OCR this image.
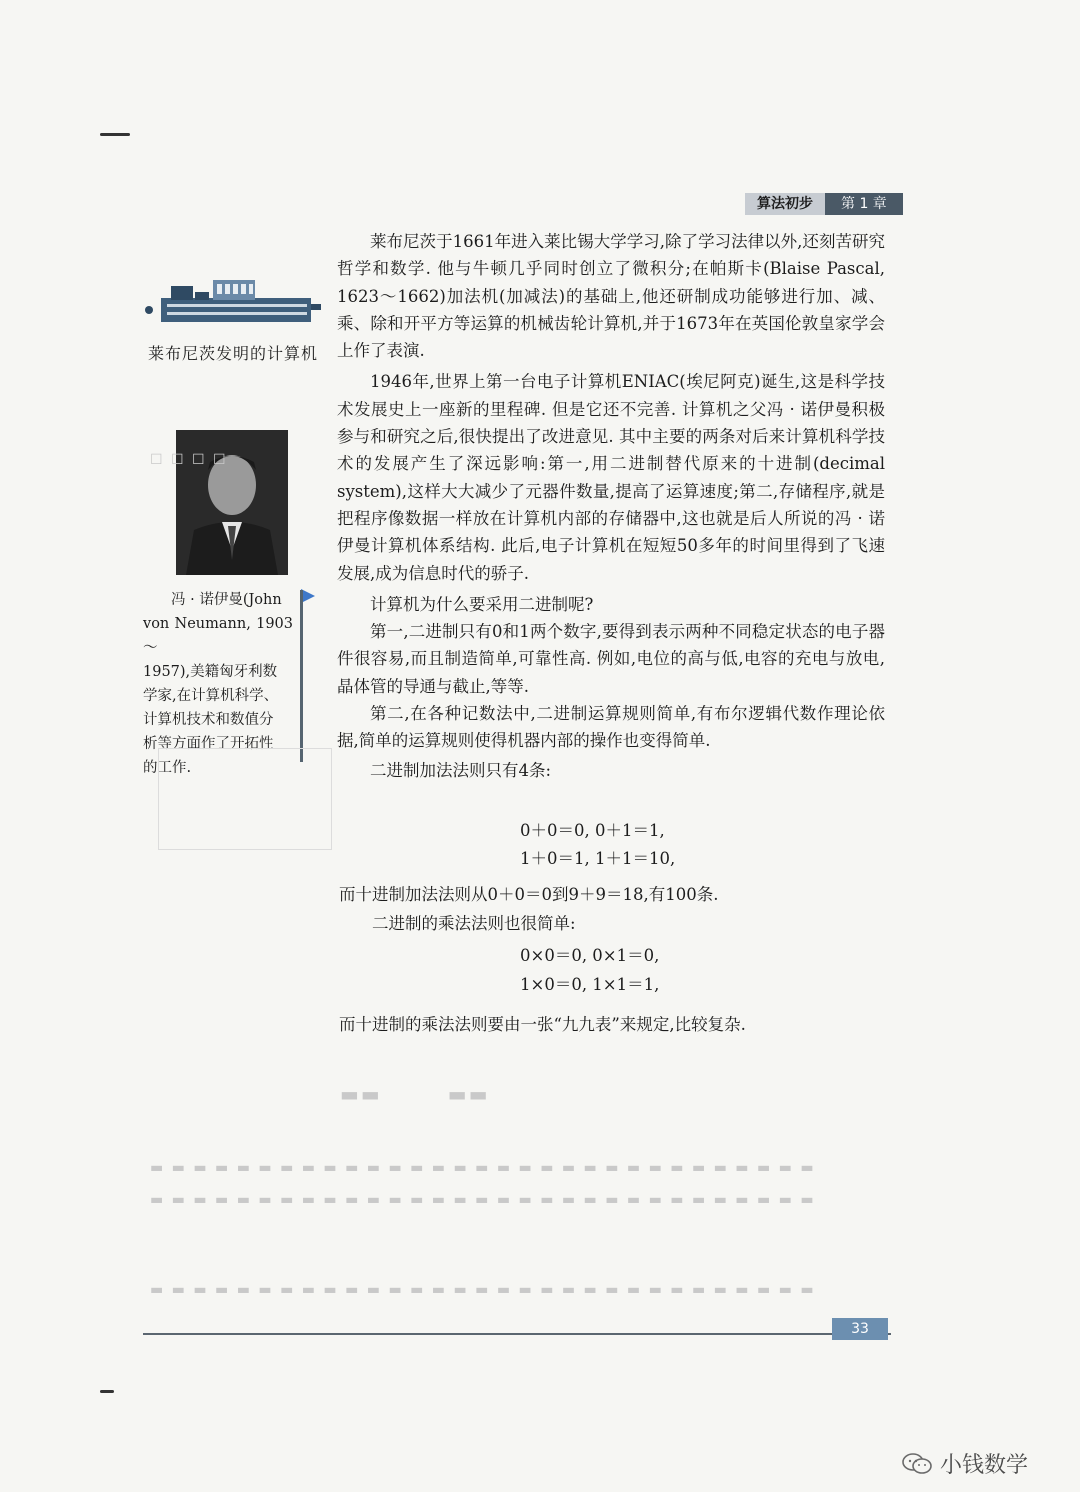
算法初步	第 1 章
莱布尼茨发明的计算机
冯 · 诺伊曼(John
von Neumann, 1903～
1957),美籍匈牙利数
学家,在计算机科学、
计算机技术和数值分
析等方面作了开拓性
的工作.
☐ ☐ ☐ ☐
▬▬　　　▬▬
▬ ▬ ▬ ▬ ▬ ▬ ▬ ▬ ▬ ▬ ▬ ▬ ▬ ▬ ▬ ▬ ▬ ▬ ▬ ▬ ▬ ▬ ▬ ▬ ▬ ▬ ▬ ▬ ▬ ▬ ▬
▬ ▬ ▬ ▬ ▬ ▬ ▬ ▬ ▬ ▬ ▬ ▬ ▬ ▬ ▬ ▬ ▬ ▬ ▬ ▬ ▬ ▬ ▬ ▬ ▬ ▬ ▬ ▬ ▬ ▬ ▬
▬ ▬ ▬ ▬ ▬ ▬ ▬ ▬ ▬ ▬ ▬ ▬ ▬ ▬ ▬ ▬ ▬ ▬ ▬ ▬ ▬ ▬ ▬ ▬ ▬ ▬ ▬ ▬ ▬ ▬ ▬

莱布尼茨于1661年进入莱比锡大学学习,除了学习法律以外,还刻苦研究哲学和数学. 他与牛顿几乎同时创立了微积分;在帕斯卡(Blaise Pascal, 1623～1662)加法机(加减法)的基础上,他还研制成功能够进行加、减、乘、除和开平方等运算的机械齿轮计算机,并于1673年在英国伦敦皇家学会上作了表演.

1946年,世界上第一台电子计算机ENIAC(埃尼阿克)诞生,这是科学技术发展史上一座新的里程碑. 但是它还不完善. 计算机之父冯 · 诺伊曼积极参与和研究之后,很快提出了改进意见. 其中主要的两条对后来计算机科学技术的发展产生了深远影响:第一,用二进制替代原来的十进制(decimal system),这样大大减少了元器件数量,提高了运算速度;第二,存储程序,就是把程序像数据一样放在计算机内部的存储器中,这也就是后人所说的冯 · 诺伊曼计算机体系结构. 此后,电子计算机在短短50多年的时间里得到了飞速发展,成为信息时代的骄子.

计算机为什么要采用二进制呢?

第一,二进制只有0和1两个数字,要得到表示两种不同稳定状态的电子器件很容易,而且制造简单,可靠性高. 例如,电位的高与低,电容的充电与放电,晶体管的导通与截止,等等.

第二,在各种记数法中,二进制运算规则简单,有布尔逻辑代数作理论依据,简单的运算规则使得机器内部的操作也变得简单.

二进制加法法则只有4条:

0＋0＝0, 0＋1＝1,
1＋0＝1, 1＋1＝10,
而十进制加法法则从0＋0＝0到9＋9＝18,有100条.
二进制的乘法法则也很简单:
0×0＝0, 0×1＝0,
1×0＝0, 1×1＝1,
而十进制的乘法法则要由一张“九九表”来规定,比较复杂.
33
小钱数学
